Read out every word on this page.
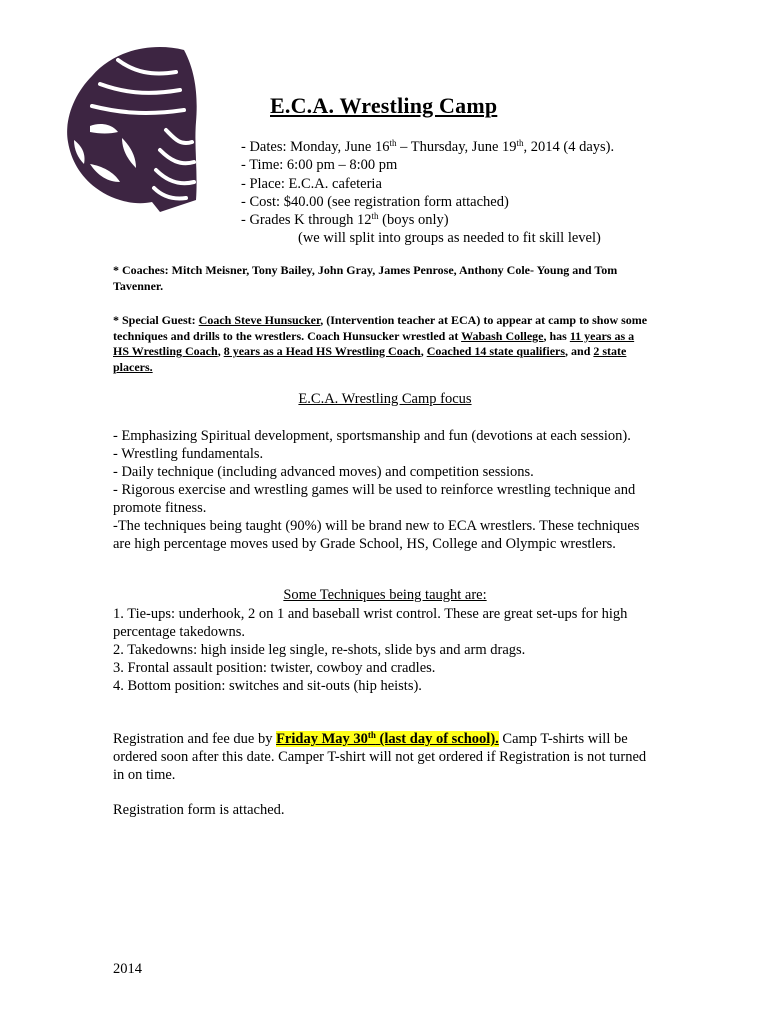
E.C.A. Wrestling Camp
- Dates: Monday, June 16th – Thursday, June 19th, 2014 (4 days).
- Time: 6:00 pm – 8:00 pm
- Place: E.C.A. cafeteria
- Cost: $40.00 (see registration form attached)
- Grades K through 12th (boys only)
(we will split into groups as needed to fit skill level)
* Coaches: Mitch Meisner, Tony Bailey, John Gray, James Penrose, Anthony Cole- Young and Tom Tavenner.
* Special Guest: Coach Steve Hunsucker, (Intervention teacher at ECA) to appear at camp to show some techniques and drills to the wrestlers. Coach Hunsucker wrestled at Wabash College, has 11 years as a HS Wrestling Coach, 8 years as a Head HS Wrestling Coach, Coached 14 state qualifiers, and 2 state placers.
E.C.A. Wrestling Camp focus
- Emphasizing Spiritual development, sportsmanship and fun (devotions at each session).
- Wrestling fundamentals.
- Daily technique (including advanced moves) and competition sessions.
- Rigorous exercise and wrestling games will be used to reinforce wrestling technique and promote fitness.
-The techniques being taught (90%) will be brand new to ECA wrestlers. These techniques are high percentage moves used by Grade School, HS, College and Olympic wrestlers.
Some Techniques being taught are:
1. Tie-ups: underhook, 2 on 1 and baseball wrist control. These are great set-ups for high percentage takedowns.
2. Takedowns: high inside leg single, re-shots, slide bys and arm drags.
3. Frontal assault position: twister, cowboy and cradles.
4. Bottom position: switches and sit-outs (hip heists).
Registration and fee due by Friday May 30th (last day of school). Camp T-shirts will be ordered soon after this date. Camper T-shirt will not get ordered if Registration is not turned in on time.
Registration form is attached.
2014
